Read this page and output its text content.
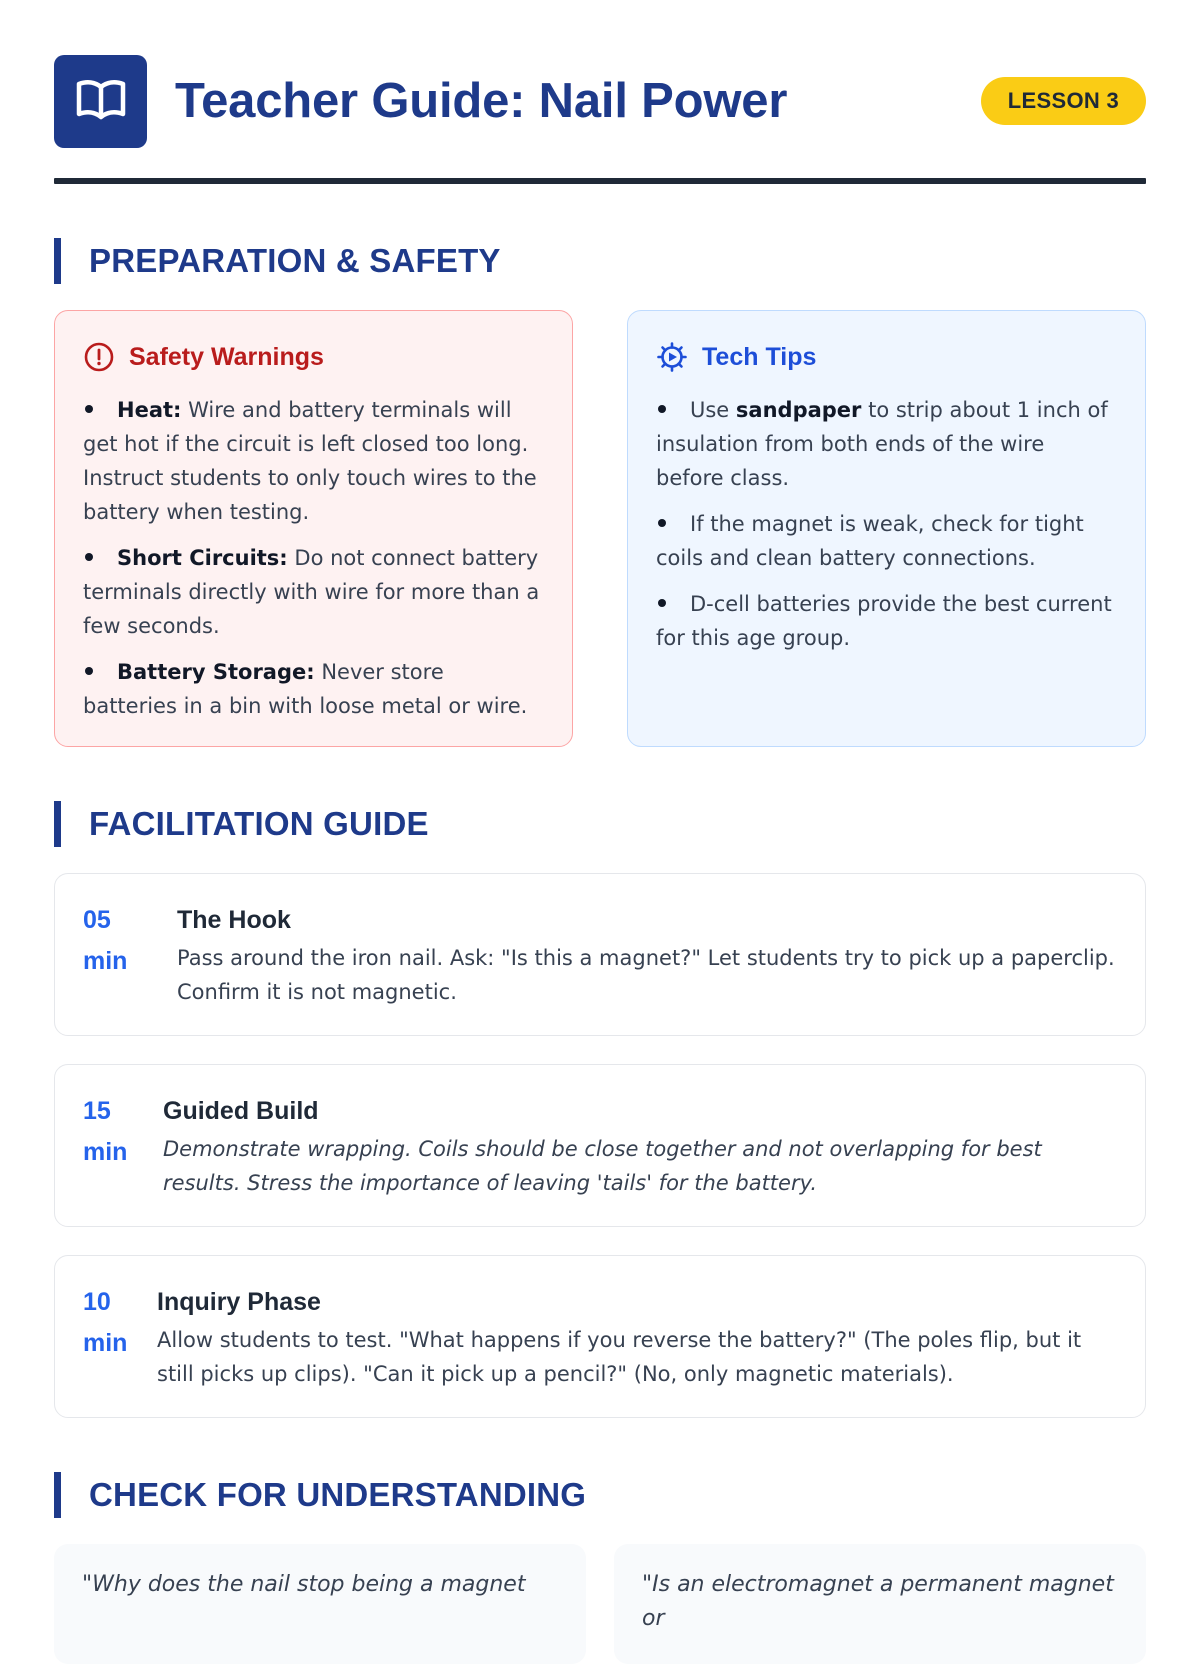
Teacher Guide: Nail Power	LESSON 3
PREPARATION & SAFETY
Safety Warnings
Heat: Wire and battery terminals will get hot if the circuit is left closed too long. Instruct students to only touch wires to the battery when testing.
Short Circuits: Do not connect battery terminals directly with wire for more than a few seconds.
Battery Storage: Never store batteries in a bin with loose metal or wire.
Tech Tips
Use sandpaper to strip about 1 inch of insulation from both ends of the wire before class.
If the magnet is weak, check for tight coils and clean battery connections.
D-cell batteries provide the best current for this age group.
FACILITATION GUIDE
05
min
The Hook
Pass around the iron nail. Ask: "Is this a magnet?" Let students try to pick up a paperclip. Confirm it is not magnetic.
15
min
Guided Build
Demonstrate wrapping. Coils should be close together and not overlapping for best results. Stress the importance of leaving 'tails' for the battery.
10
min
Inquiry Phase
Allow students to test. "What happens if you reverse the battery?" (The poles flip, but it still picks up clips). "Can it pick up a pencil?" (No, only magnetic materials).
CHECK FOR UNDERSTANDING
"Why does the nail stop being a magnet	"Is an electromagnet a permanent magnet or
